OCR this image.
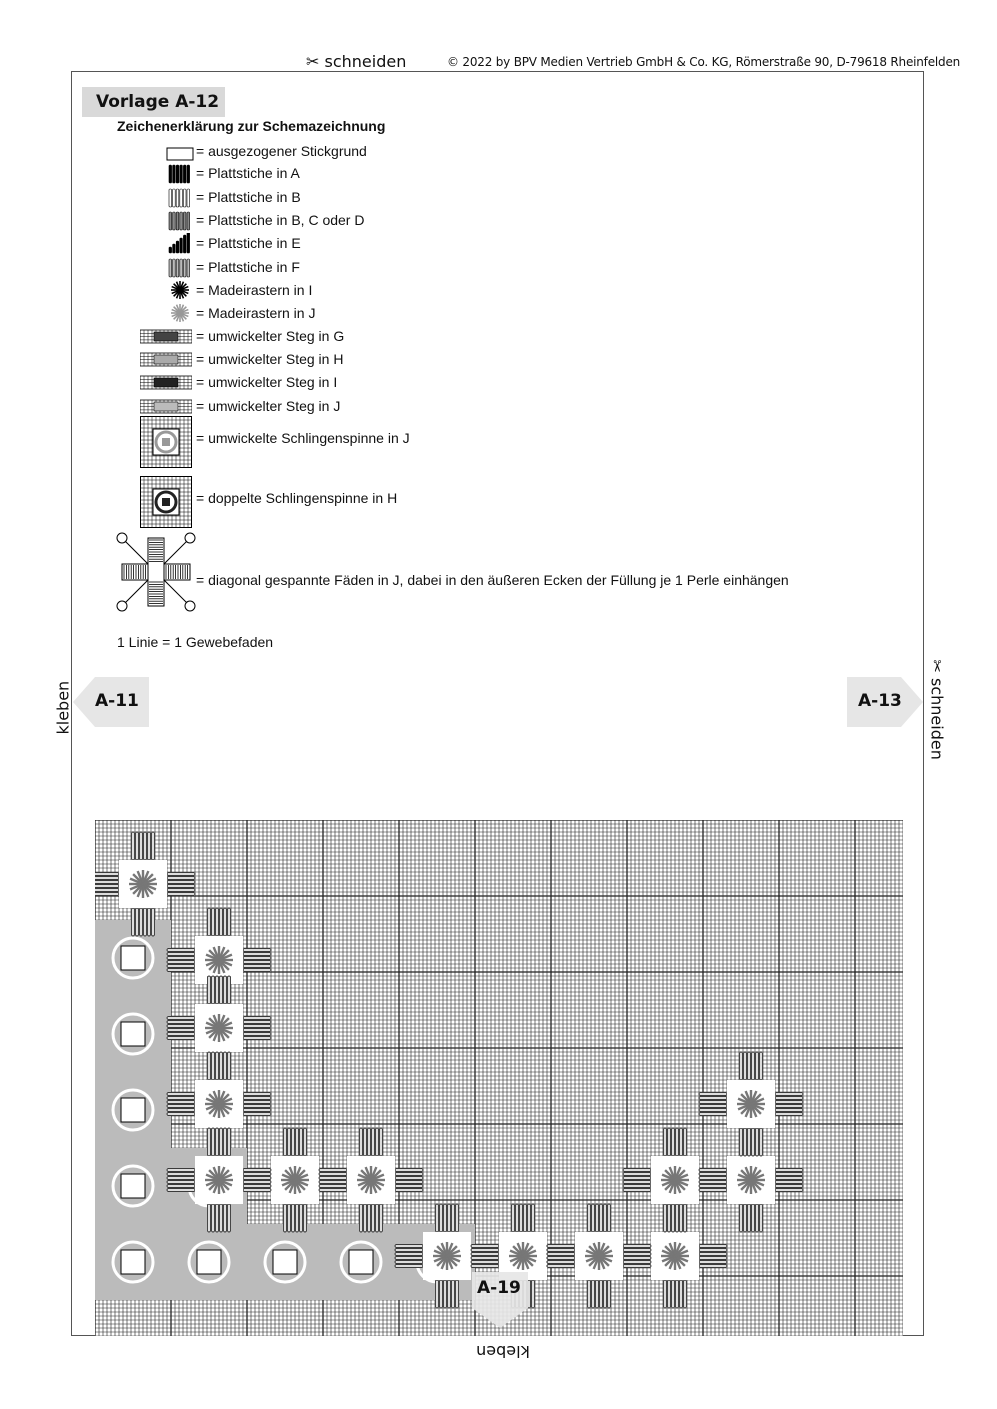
✂ schneiden	© 2022 by BPV Medien Vertrieb GmbH & Co. KG, Römerstraße 90, D-79618 Rheinfelden
Vorlage A-12
Zeichenerklärung zur Schemazeichnung
= ausgezogener Stickgrund
= Plattstiche in A
= Plattstiche in B
= Plattstiche in B, C oder D
= Plattstiche in E
= Plattstiche in F
= Madeirastern in I
= Madeirastern in J
= umwickelter Steg in G
= umwickelter Steg in H
= umwickelter Steg in I
= umwickelter Steg in J
= umwickelte Schlingenspinne in J
= doppelte Schlingenspinne in H
= diagonal gespannte Fäden in J, dabei in den äußeren Ecken der Füllung je 1 Perle einhängen
1 Linie = 1 Gewebefaden
A-11	A-13
kleben
✂ schneiden
kleben
A-19
